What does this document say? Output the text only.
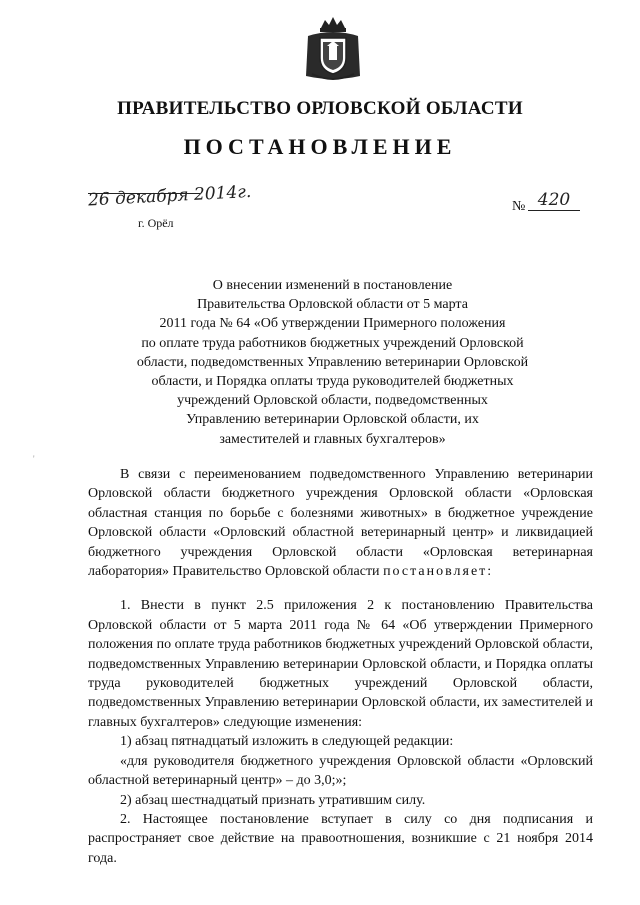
ПРАВИТЕЛЬСТВО ОРЛОВСКОЙ ОБЛАСТИ
ПОСТАНОВЛЕНИЕ
26 декабря 2014г.
г. Орёл
№ 420
О внесении изменений в постановление
Правительства Орловской области от 5 марта
2011 года № 64 «Об утверждении Примерного положения
по оплате труда работников бюджетных учреждений Орловской
области, подведомственных Управлению ветеринарии Орловской
области, и Порядка оплаты труда руководителей бюджетных
учреждений Орловской области, подведомственных
Управлению ветеринарии Орловской области, их
заместителей и главных бухгалтеров»
'

В связи с переименованием подведомственного Управлению ветеринарии Орловской области бюджетного учреждения Орловской области «Орловская областная станция по борьбе с болезнями животных» в бюджетное учреждение Орловской области «Орловский областной ветеринарный центр» и ликвидацией бюджетного учреждения Орловской области «Орловская ветеринарная лаборатория» Правительство Орловской области постановляет:

1. Внести в пункт 2.5 приложения 2 к постановлению Правительства Орловской области от 5 марта 2011 года № 64 «Об утверждении Примерного положения по оплате труда работников бюджетных учреждений Орловской области, подведомственных Управлению ветеринарии Орловской области, и Порядка оплаты труда руководителей бюджетных учреждений Орловской области, подведомственных Управлению ветеринарии Орловской области, их заместителей и главных бухгалтеров» следующие изменения:

1) абзац пятнадцатый изложить в следующей редакции:

«для руководителя бюджетного учреждения Орловской области «Орловский областной ветеринарный центр» – до 3,0;»;

2) абзац шестнадцатый признать утратившим силу.

2. Настоящее постановление вступает в силу со дня подписания и распространяет свое действие на правоотношения, возникшие с 21 ноября 2014 года.
